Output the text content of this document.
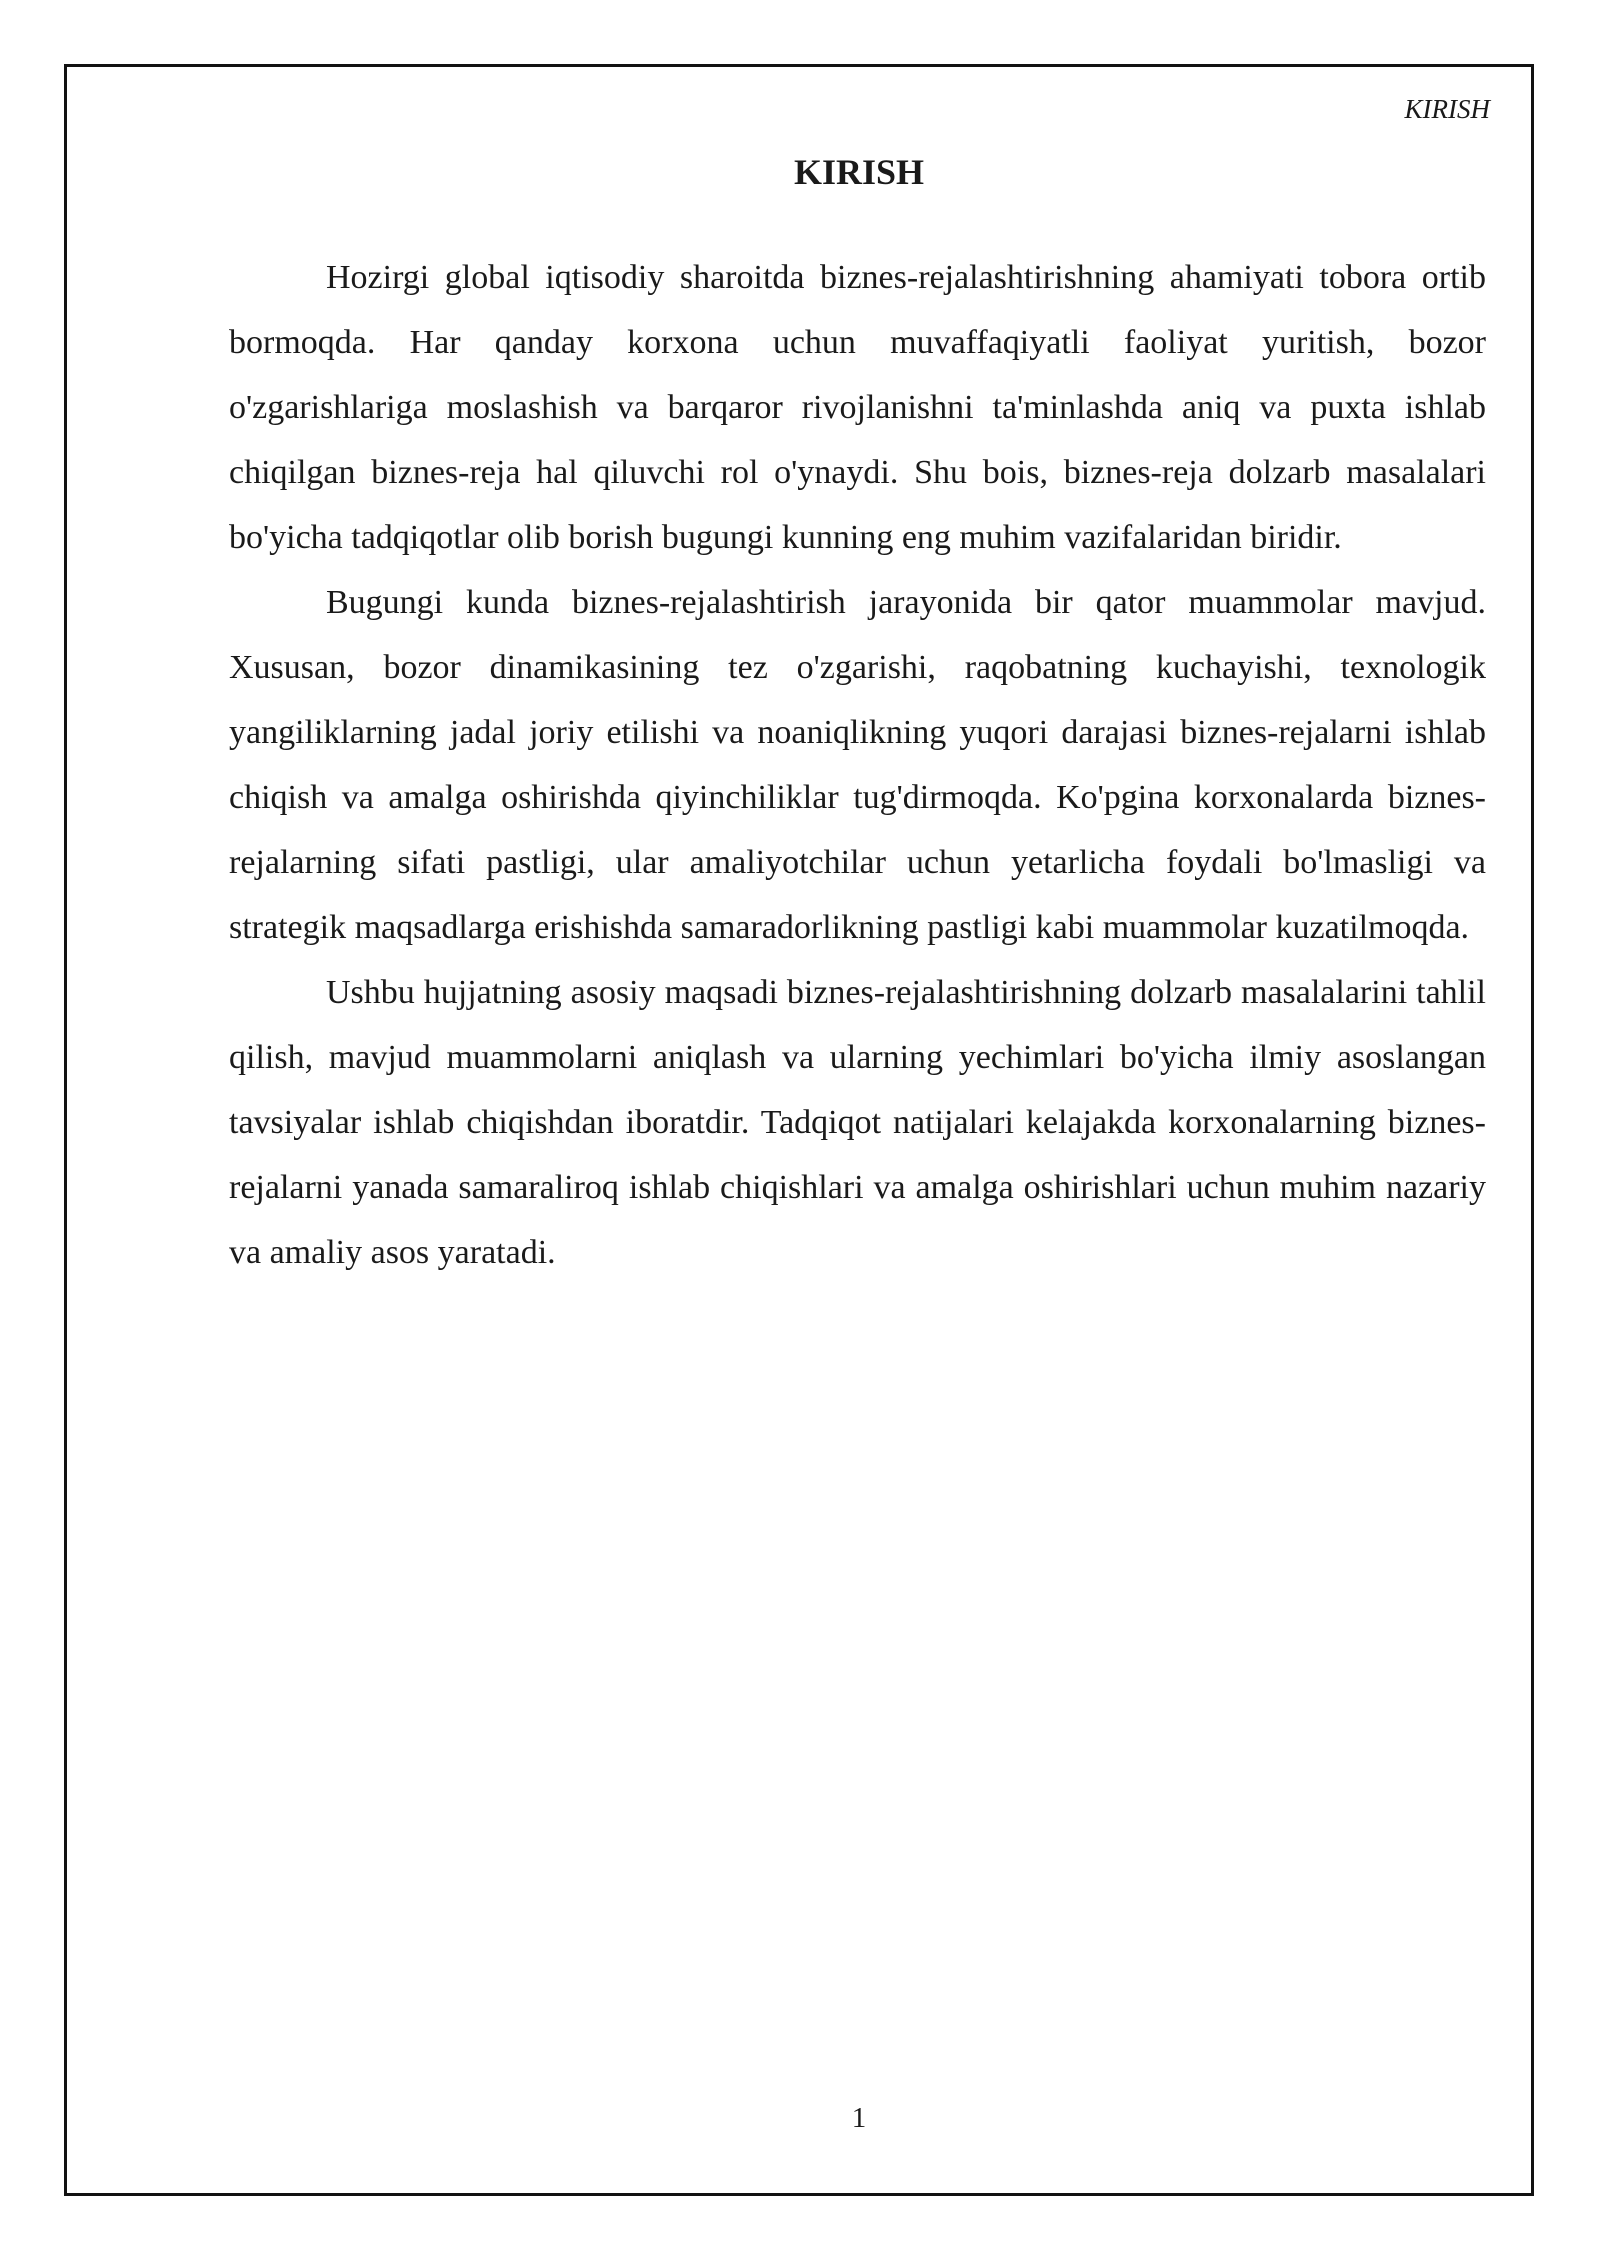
KIRISH
KIRISH

Hozirgi global iqtisodiy sharoitda biznes-rejalashtirishning ahamiyati tobora ortib bormoqda. Har qanday korxona uchun muvaffaqiyatli faoliyat yuritish, bozor o'zgarishlariga moslashish va barqaror rivojlanishni ta'minlashda aniq va puxta ishlab chiqilgan biznes-reja hal qiluvchi rol o'ynaydi. Shu bois, biznes-reja dolzarb masalalari bo'yicha tadqiqotlar olib borish bugungi kunning eng muhim vazifalaridan biridir.

Bugungi kunda biznes-rejalashtirish jarayonida bir qator muammolar mavjud. Xususan, bozor dinamikasining tez o'zgarishi, raqobatning kuchayishi, texnologik yangiliklarning jadal joriy etilishi va noaniqlikning yuqori darajasi biznes-rejalarni ishlab chiqish va amalga oshirishda qiyinchiliklar tug'dirmoqda. Ko'pgina korxonalarda biznes-rejalarning sifati pastligi, ular amaliyotchilar uchun yetarlicha foydali bo'lmasligi va strategik maqsadlarga erishishda samaradorlikning pastligi kabi muammolar kuzatilmoqda.

Ushbu hujjatning asosiy maqsadi biznes-rejalashtirishning dolzarb masalalarini tahlil qilish, mavjud muammolarni aniqlash va ularning yechimlari bo'yicha ilmiy asoslangan tavsiyalar ishlab chiqishdan iboratdir. Tadqiqot natijalari kelajakda korxonalarning biznes-rejalarni yanada samaraliroq ishlab chiqishlari va amalga oshirishlari uchun muhim nazariy va amaliy asos yaratadi.

1
